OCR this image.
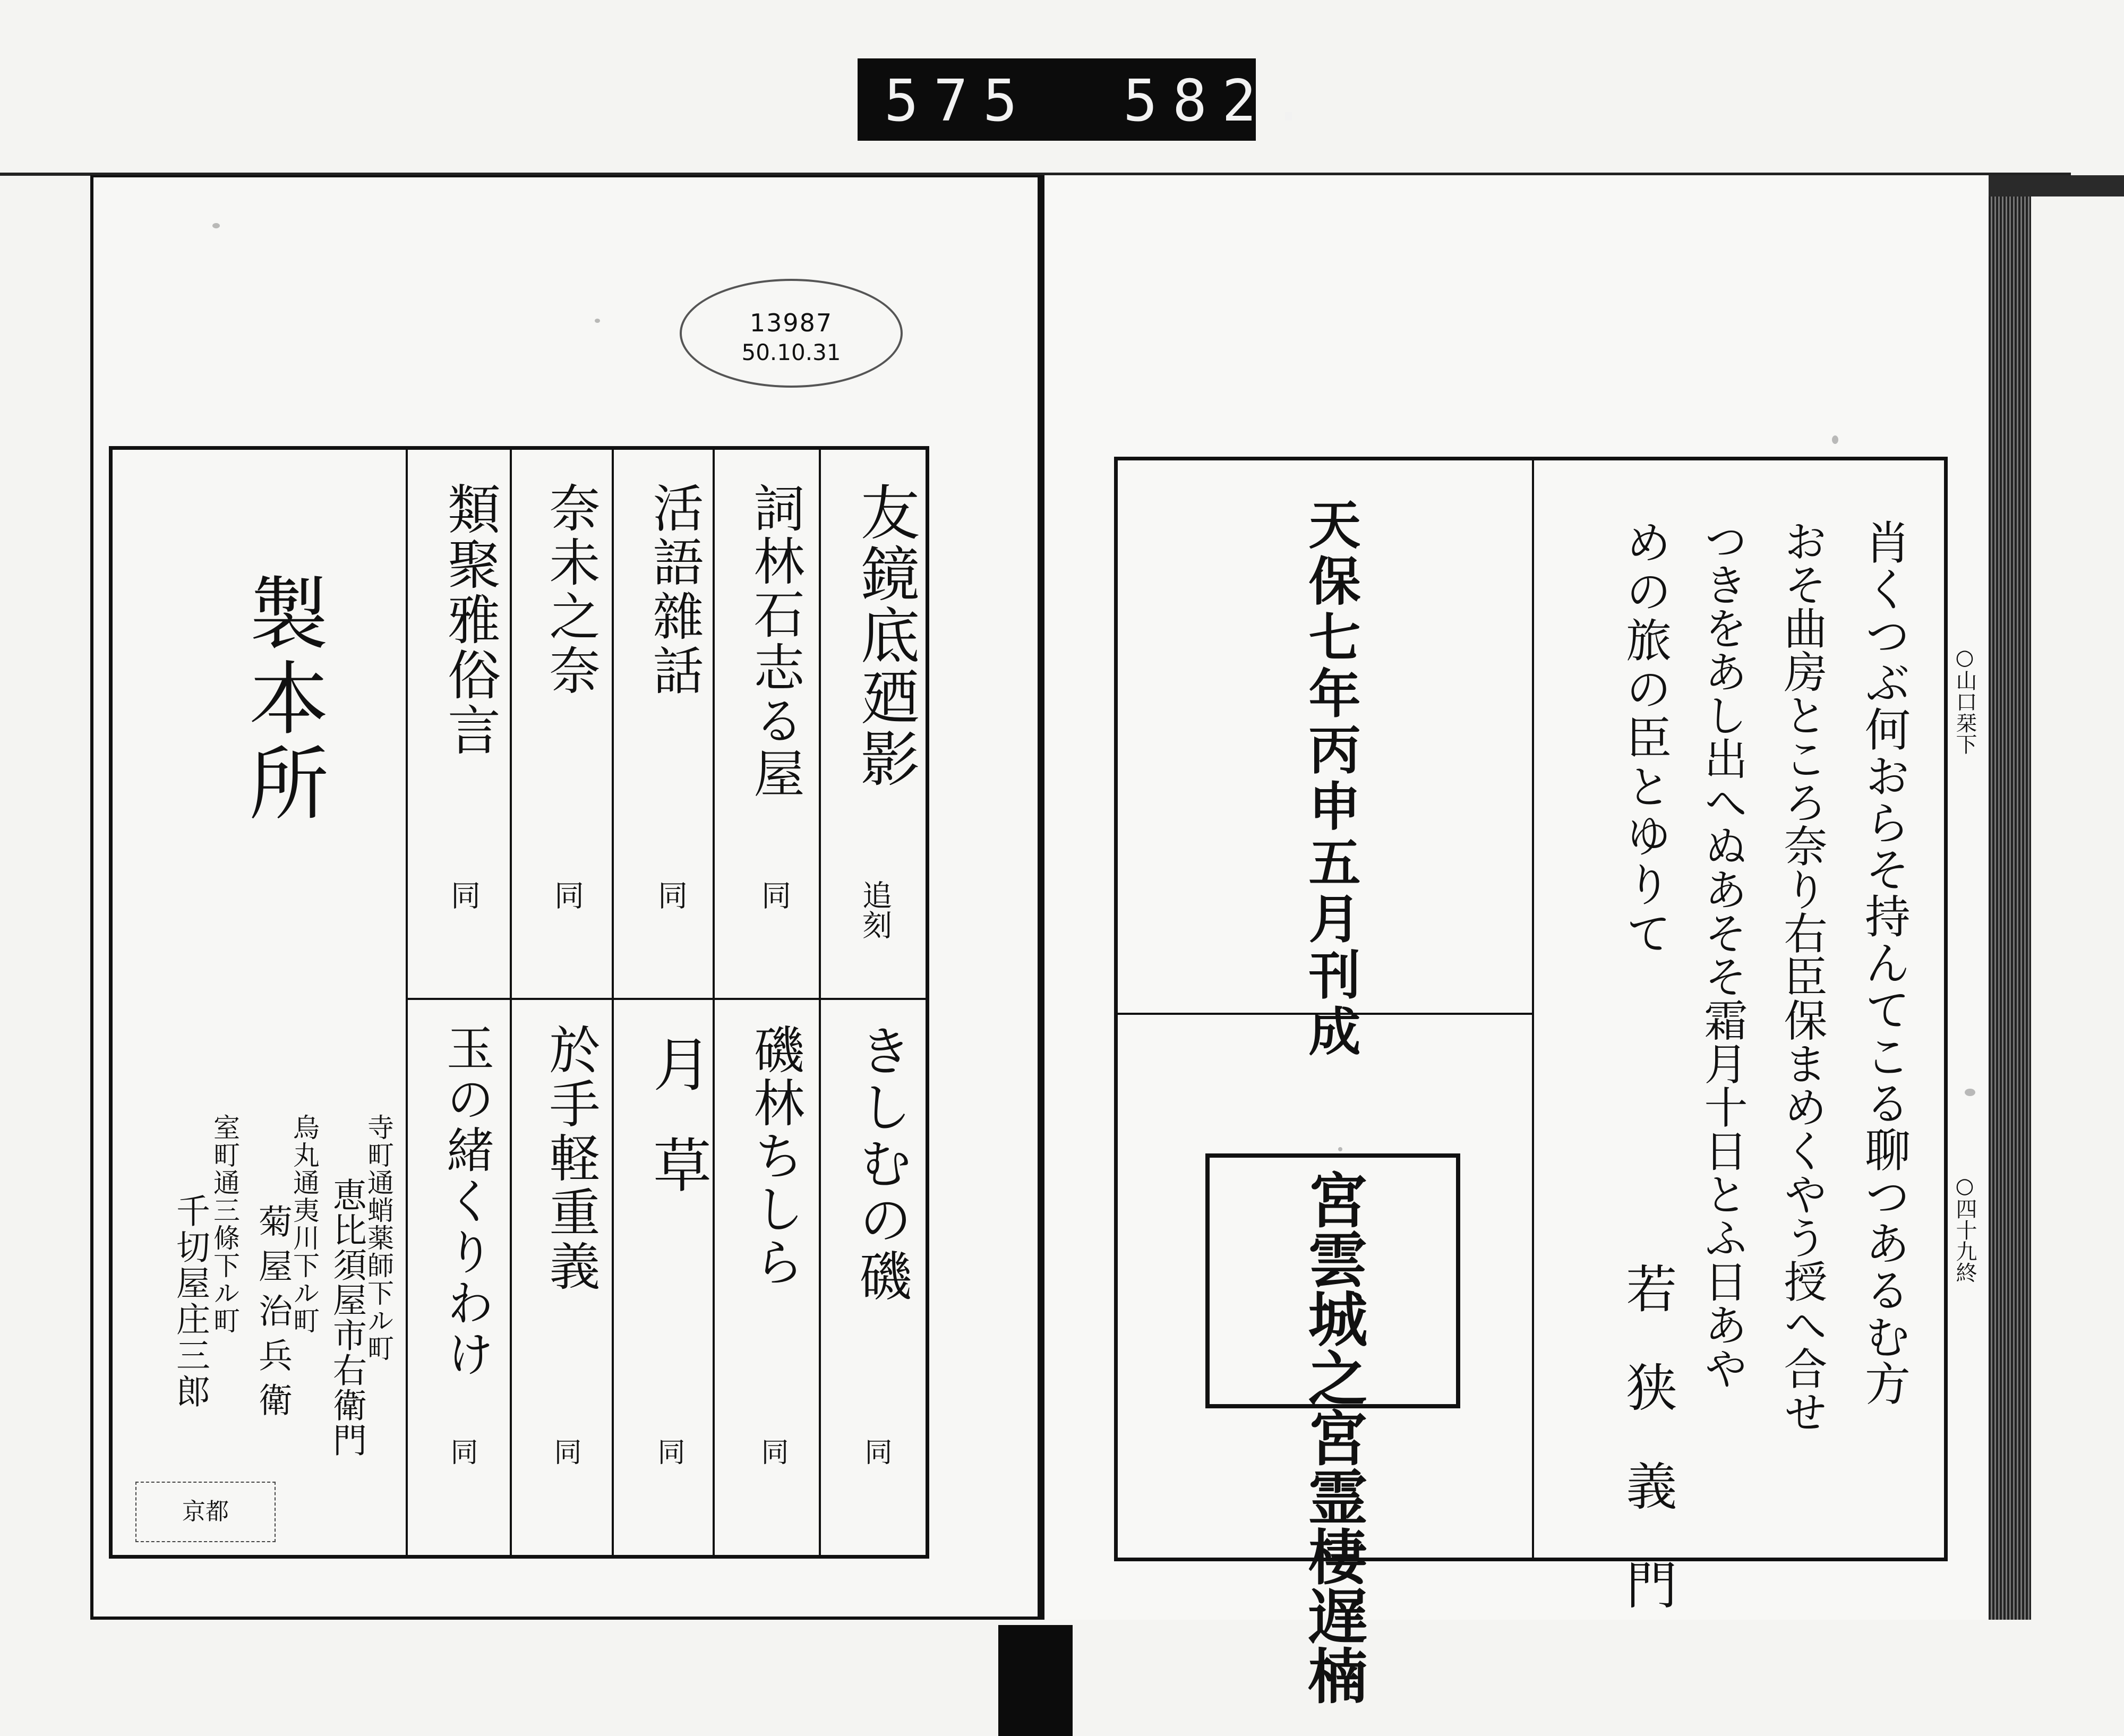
575 582.
13987
50.10.31
製本所	友鏡底廼影
追刻
きしむの磯
同
詞林石志る屋
同
磯林ちしら
同
活語雜話
同
月草
同
奈未之奈
同
於手軽重義
同
類聚雅俗言
同
玉の緒くりわけ
同
寺町通蛸薬師下ル町
恵比須屋市右衛門
烏丸通夷川下ル町
菊屋治兵衛
室町通三條下ル町
千切屋庄三郎
京都
天保七年丙申五月刊成
宮雲城之宮霊棲遅楠
肖くつぶ何おらそ持んてこる聊つあるむ方
おそ曲房ところ奈り右臣保まめくやう授へ合せ
つきをあし出へぬあそそ霜月十日とふ日あや
めの旅の臣とゆりて
若狭義門
○山口栞下
○四十九終
